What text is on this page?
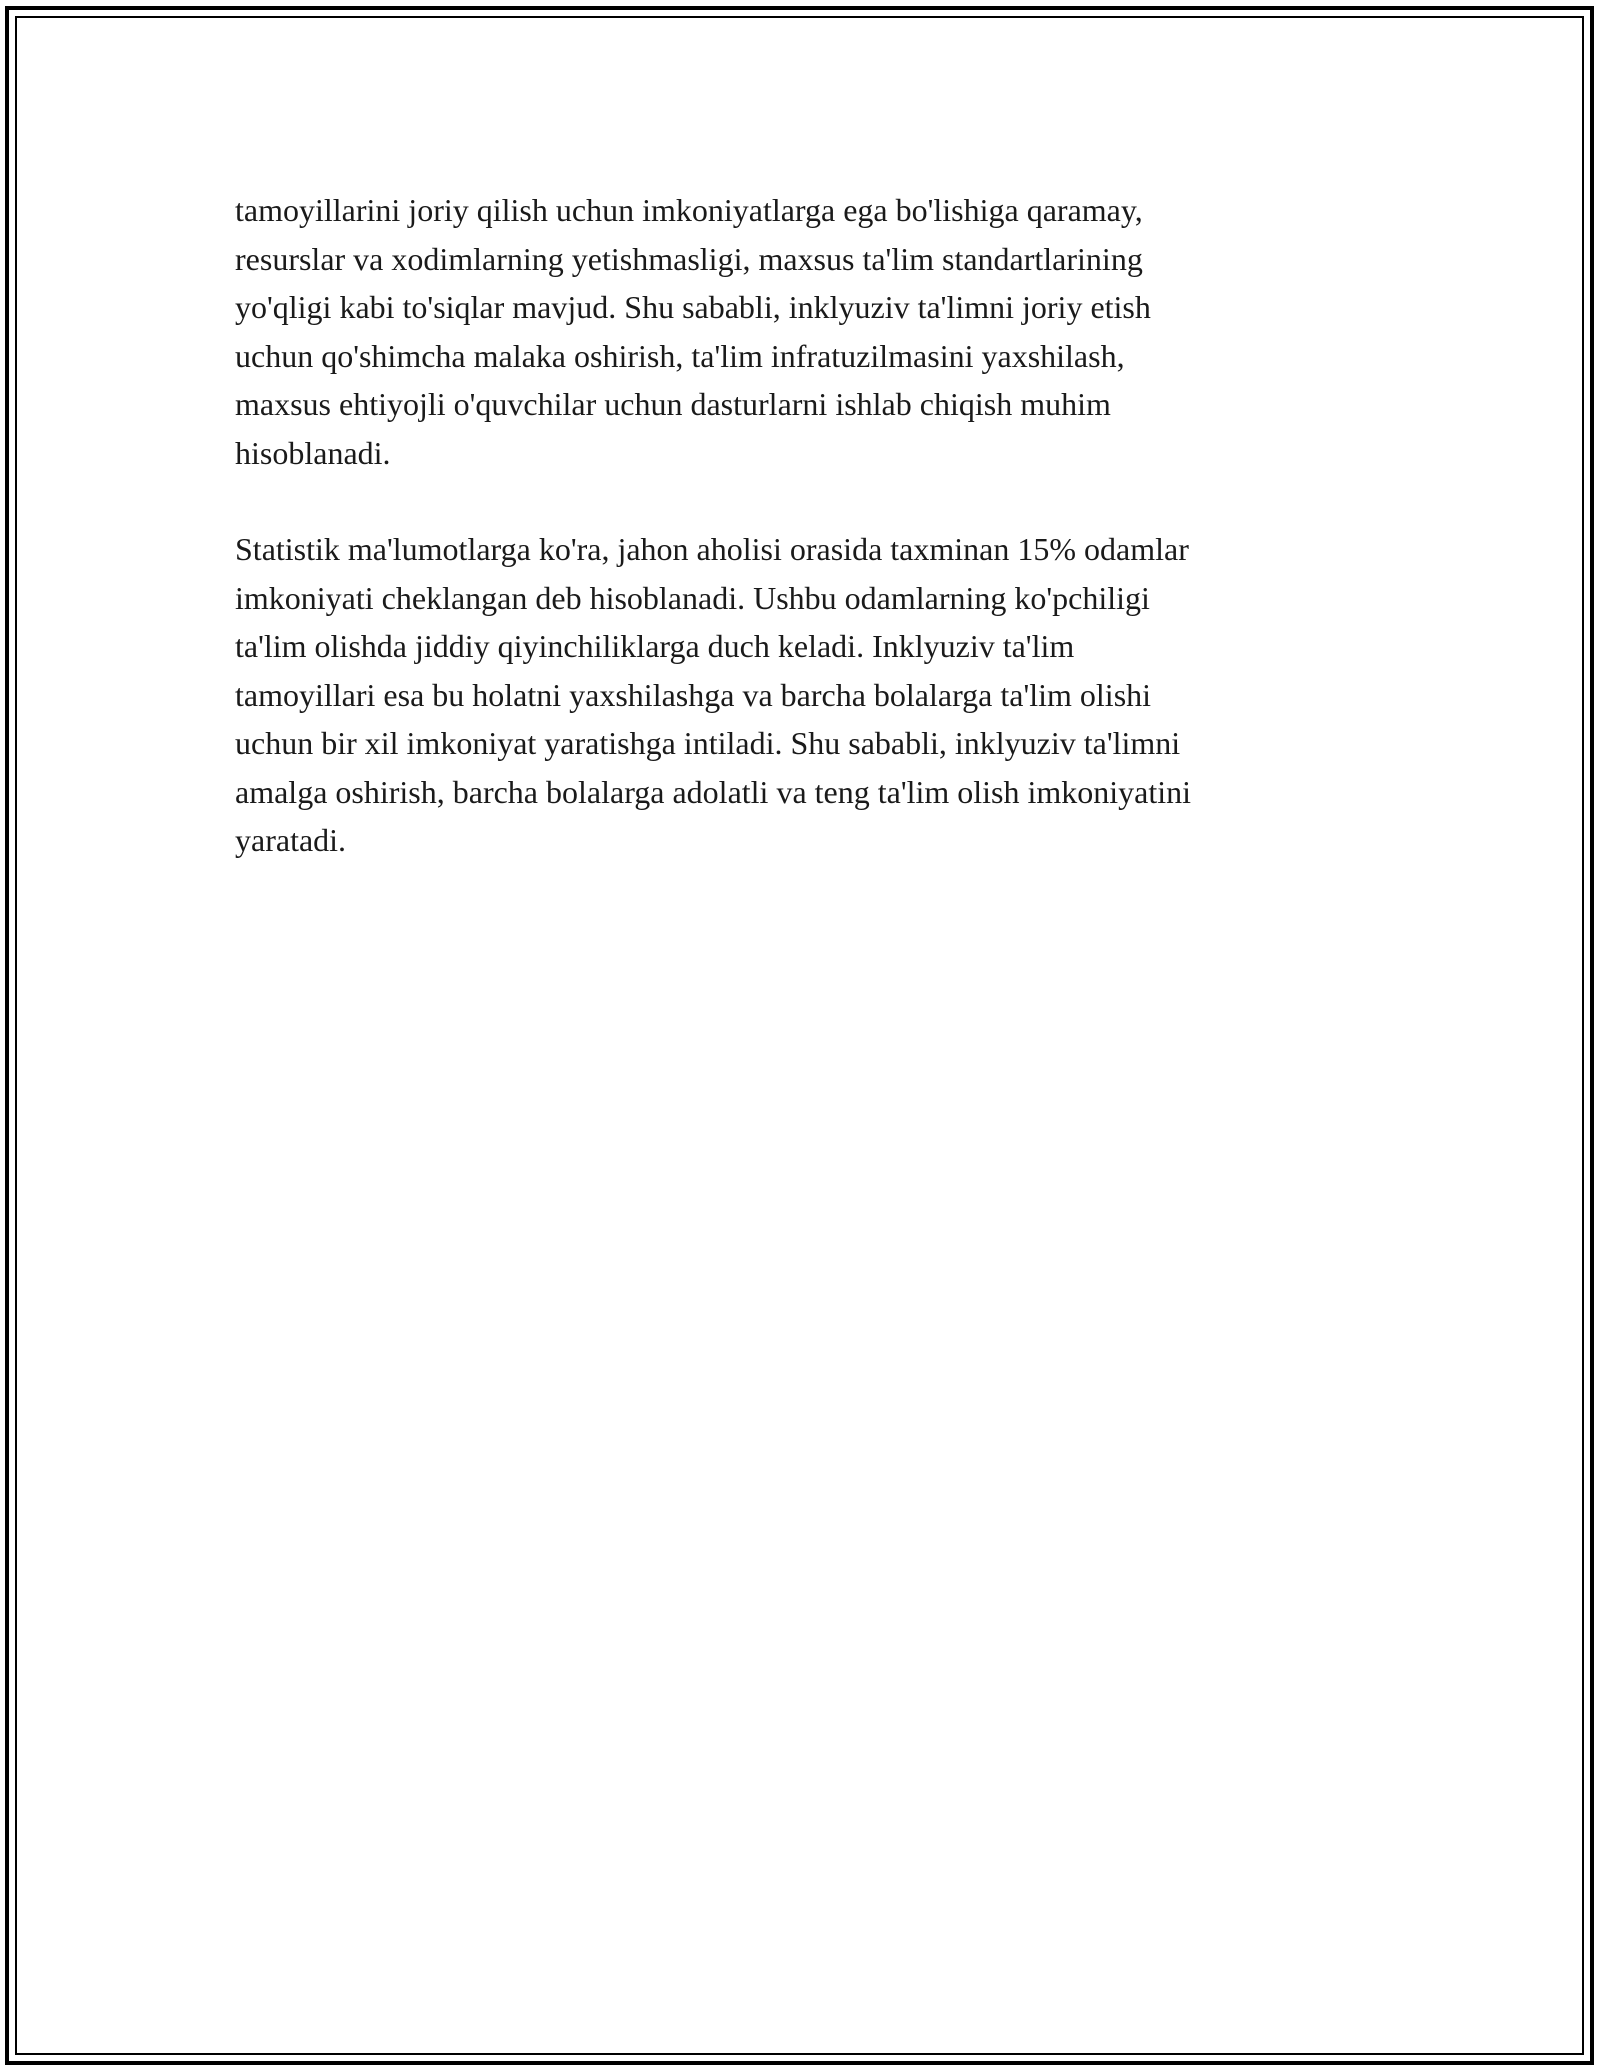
tamoyillarini joriy qilish uchun imkoniyatlarga ega bo'lishiga qaramay,
resurslar va xodimlarning yetishmasligi, maxsus ta'lim standartlarining
yo'qligi kabi to'siqlar mavjud. Shu sababli, inklyuziv ta'limni joriy etish
uchun qo'shimcha malaka oshirish, ta'lim infratuzilmasini yaxshilash,
maxsus ehtiyojli o'quvchilar uchun dasturlarni ishlab chiqish muhim
hisoblanadi.

Statistik ma'lumotlarga ko'ra, jahon aholisi orasida taxminan 15% odamlar
imkoniyati cheklangan deb hisoblanadi. Ushbu odamlarning ko'pchiligi
ta'lim olishda jiddiy qiyinchiliklarga duch keladi. Inklyuziv ta'lim
tamoyillari esa bu holatni yaxshilashga va barcha bolalarga ta'lim olishi
uchun bir xil imkoniyat yaratishga intiladi. Shu sababli, inklyuziv ta'limni
amalga oshirish, barcha bolalarga adolatli va teng ta'lim olish imkoniyatini
yaratadi.
